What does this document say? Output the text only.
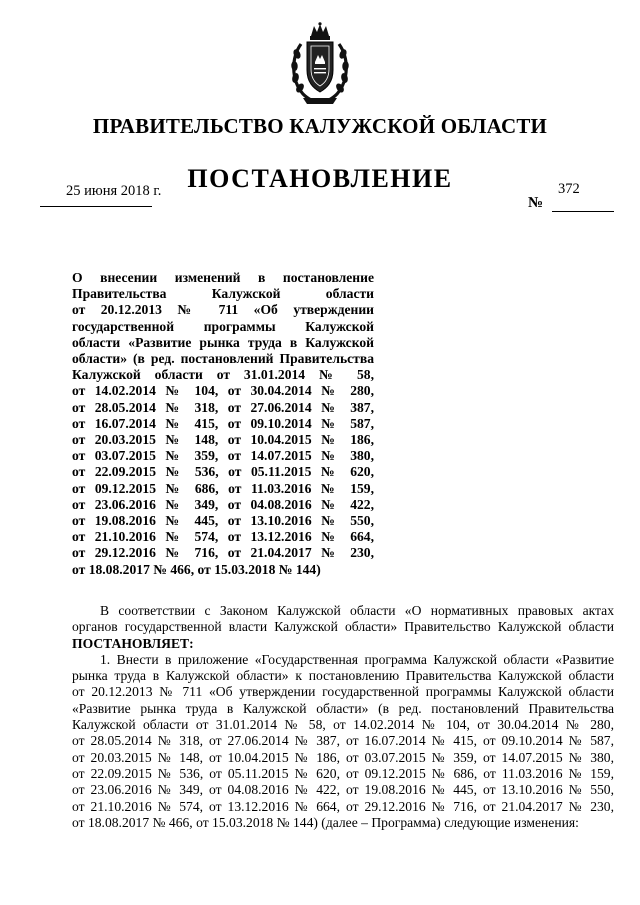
ПРАВИТЕЛЬСТВО КАЛУЖСКОЙ ОБЛАСТИ
ПОСТАНОВЛЕНИЕ
25 июня 2018 г.	372
№
О внесении изменений в постановление
Правительства Калужской области
от 20.12.2013 № 711 «Об утверждении
государственной программы Калужской
области «Развитие рынка труда в Калужской
области» (в ред. постановлений Правительства
Калужской области от 31.01.2014 № 58,
от 14.02.2014 № 104, от 30.04.2014 № 280,
от 28.05.2014 № 318, от 27.06.2014 № 387,
от 16.07.2014 № 415, от 09.10.2014 № 587,
от 20.03.2015 № 148, от 10.04.2015 № 186,
от 03.07.2015 № 359, от 14.07.2015 № 380,
от 22.09.2015 № 536, от 05.11.2015 № 620,
от 09.12.2015 № 686, от 11.03.2016 № 159,
от 23.06.2016 № 349, от 04.08.2016 № 422,
от 19.08.2016 № 445, от 13.10.2016 № 550,
от 21.10.2016 № 574, от 13.12.2016 № 664,
от 29.12.2016 № 716, от 21.04.2017 № 230,
от 18.08.2017 № 466, от 15.03.2018 № 144)
В соответствии с Законом Калужской области «О нормативных правовых актах
органов государственной власти Калужской области» Правительство Калужской области
ПОСТАНОВЛЯЕТ:
1. Внести в приложение «Государственная программа Калужской области «Развитие
рынка труда в Калужской области» к постановлению Правительства Калужской области
от 20.12.2013 № 711 «Об утверждении государственной программы Калужской области
«Развитие рынка труда в Калужской области» (в ред. постановлений Правительства
Калужской области от 31.01.2014 № 58, от 14.02.2014 № 104, от 30.04.2014 № 280,
от 28.05.2014 № 318, от 27.06.2014 № 387, от 16.07.2014 № 415, от 09.10.2014 № 587,
от 20.03.2015 № 148, от 10.04.2015 № 186, от 03.07.2015 № 359, от 14.07.2015 № 380,
от 22.09.2015 № 536, от 05.11.2015 № 620, от 09.12.2015 № 686, от 11.03.2016 № 159,
от 23.06.2016 № 349, от 04.08.2016 № 422, от 19.08.2016 № 445, от 13.10.2016 № 550,
от 21.10.2016 № 574, от 13.12.2016 № 664, от 29.12.2016 № 716, от 21.04.2017 № 230,
от 18.08.2017 № 466, от 15.03.2018 № 144) (далее – Программа) следующие изменения:
